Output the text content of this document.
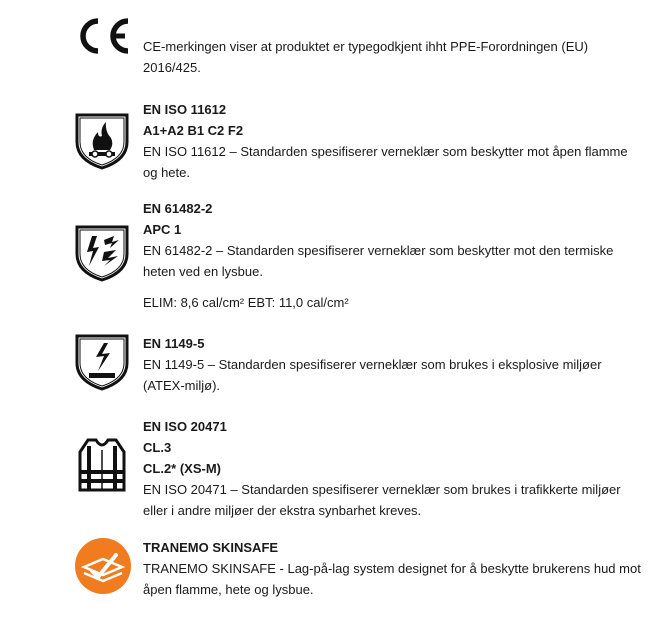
CE-merkingen viser at produktet er typegodkjent ihht PPE-Forordningen (EU) 2016/425.
EN ISO 11612
A1+A2 B1 C2 F2
EN ISO 11612 – Standarden spesifiserer verneklær som beskytter mot åpen flamme og hete.
EN 61482-2
APC 1
EN 61482-2 – Standarden spesifiserer verneklær som beskytter mot den termiske heten ved en lysbue.
ELIM: 8,6 cal/cm² EBT: 11,0 cal/cm²
EN 1149-5
EN 1149-5 – Standarden spesifiserer verneklær som brukes i eksplosive miljøer (ATEX-miljø).
EN ISO 20471
CL.3
CL.2* (XS-M)
EN ISO 20471 – Standarden spesifiserer verneklær som brukes i trafikkerte miljøer eller i andre miljøer der ekstra synbarhet kreves.
TRANEMO SKINSAFE
TRANEMO SKINSAFE - Lag-på-lag system designet for å beskytte brukerens hud mot åpen flamme, hete og lysbue.
